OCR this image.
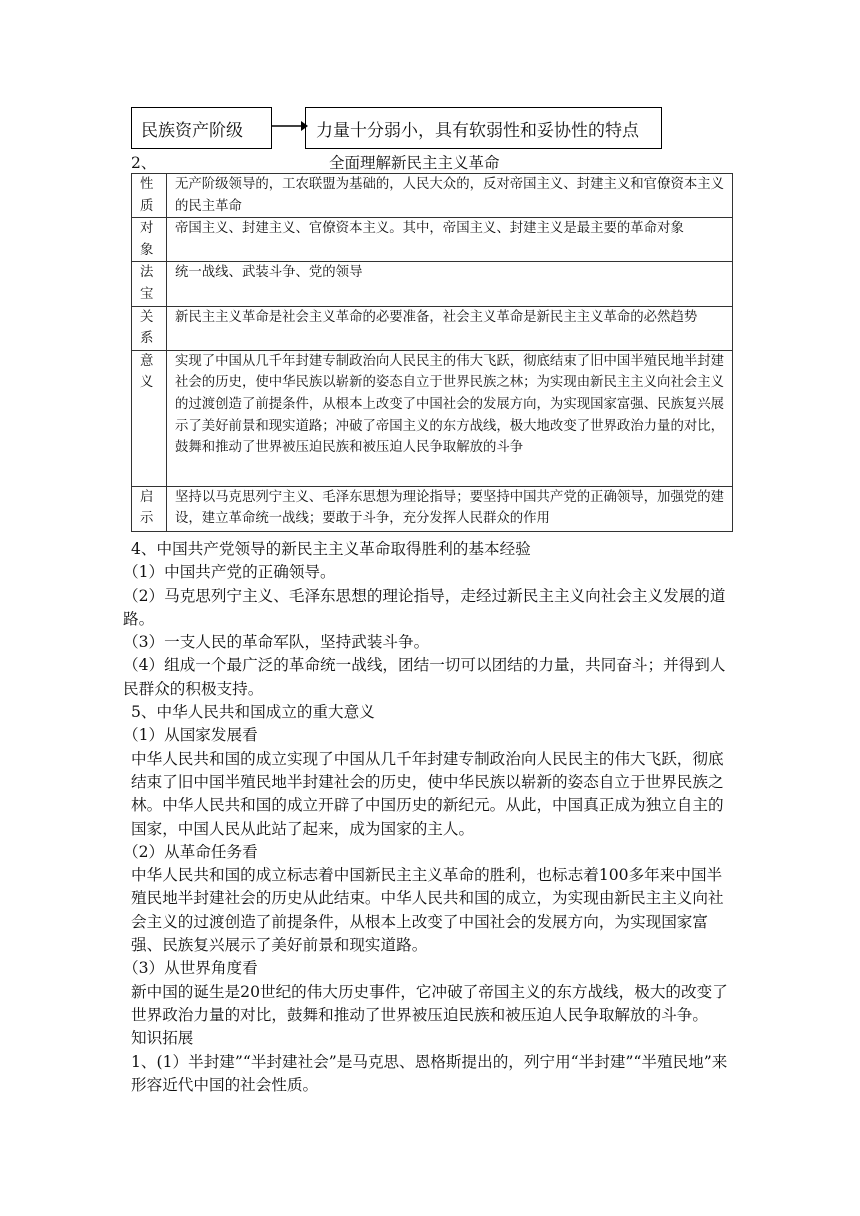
民族资产阶级	力量十分弱小，具有软弱性和妥协性的特点
2、	全面理解新民主主义革命
性质	无产阶级领导的，工农联盟为基础的，人民大众的，反对帝国主义、封建主义和官僚资本主义的民主革命

对象	帝国主义、封建主义、官僚资本主义。其中，帝国主义、封建主义是最主要的革命对象

法宝	统一战线、武装斗争、党的领导

关系	新民主主义革命是社会主义革命的必要准备，社会主义革命是新民主主义革命的必然趋势

意义	实现了中国从几千年封建专制政治向人民民主的伟大飞跃，彻底结束了旧中国半殖民地半封建社会的历史，使中华民族以崭新的姿态自立于世界民族之林；为实现由新民主主义向社会主义的过渡创造了前提条件，从根本上改变了中国社会的发展方向，为实现国家富强、民族复兴展示了美好前景和现实道路；冲破了帝国主义的东方战线，极大地改变了世界政治力量的对比，鼓舞和推动了世界被压迫民族和被压迫人民争取解放的斗争

启示	坚持以马克思列宁主义、毛泽东思想为理论指导；要坚持中国共产党的正确领导，加强党的建设，建立革命统一战线；要敢于斗争，充分发挥人民群众的作用

4、中国共产党领导的新民主主义革命取得胜利的基本经验

（1）中国共产党的正确领导。

（2）马克思列宁主义、毛泽东思想的理论指导，走经过新民主主义向社会主义发展的道路。

（3）一支人民的革命军队，坚持武装斗争。

（4）组成一个最广泛的革命统一战线，团结一切可以团结的力量，共同奋斗；并得到人民群众的积极支持。

5、中华人民共和国成立的重大意义

（1）从国家发展看

中华人民共和国的成立实现了中国从几千年封建专制政治向人民民主的伟大飞跃，彻底结束了旧中国半殖民地半封建社会的历史，使中华民族以崭新的姿态自立于世界民族之林。中华人民共和国的成立开辟了中国历史的新纪元。从此，中国真正成为独立自主的国家，中国人民从此站了起来，成为国家的主人。

（2）从革命任务看

中华人民共和国的成立标志着中国新民主主义革命的胜利，也标志着100多年来中国半殖民地半封建社会的历史从此结束。中华人民共和国的成立，为实现由新民主主义向社会主义的过渡创造了前提条件，从根本上改变了中国社会的发展方向，为实现国家富强、民族复兴展示了美好前景和现实道路。

（3）从世界角度看

新中国的诞生是20世纪的伟大历史事件，它冲破了帝国主义的东方战线，极大的改变了世界政治力量的对比，鼓舞和推动了世界被压迫民族和被压迫人民争取解放的斗争。

知识拓展

1、(1）半封建”“半封建社会”是马克思、恩格斯提出的，列宁用“半封建”“半殖民地”来形容近代中国的社会性质。
